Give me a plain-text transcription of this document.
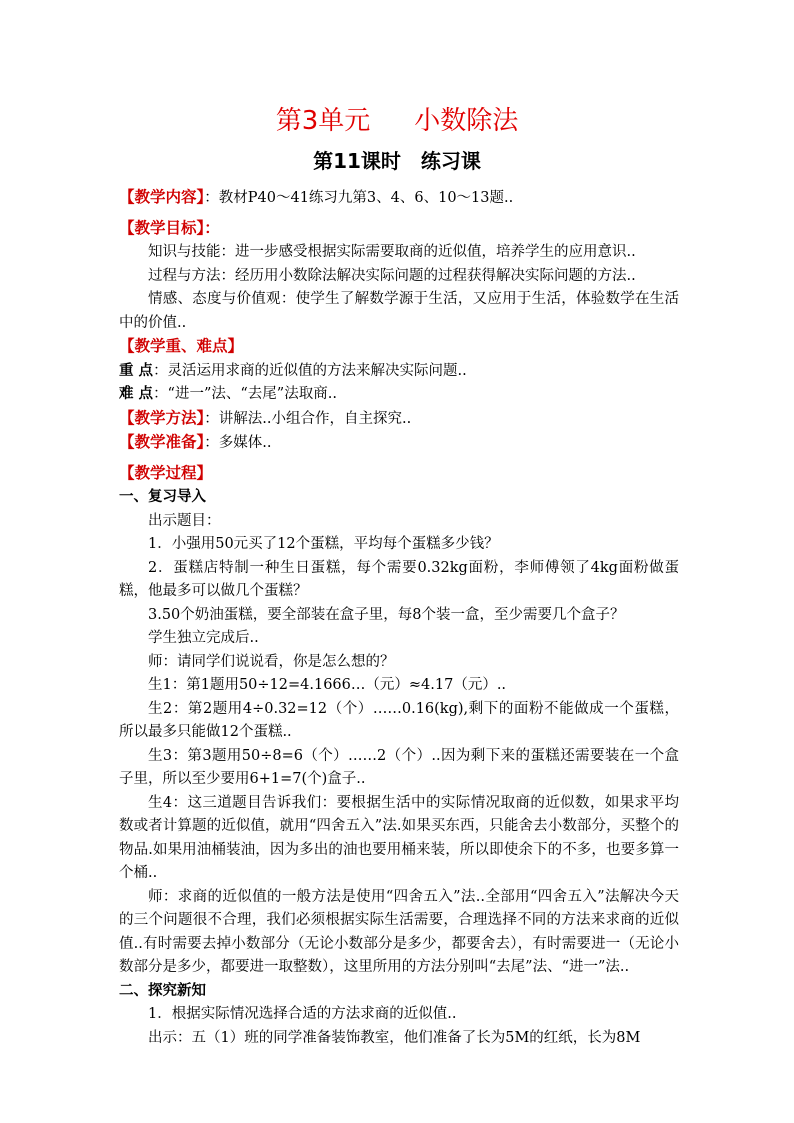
第3单元 小数除法
第11课时　练习课

【教学内容】：教材P40～41练习九第3、4、6、10～13题..

【教学目标】：

知识与技能：进一步感受根据实际需要取商的近似值，培养学生的应用意识..

过程与方法：经历用小数除法解决实际问题的过程获得解决实际问题的方法..

情感、态度与价值观：使学生了解数学源于生活，又应用于生活，体验数学在生活中的价值..

【教学重、难点】

重 点：灵活运用求商的近似值的方法来解决实际问题..

难 点：“进一”法、“去尾”法取商..

【教学方法】：讲解法..小组合作，自主探究..

【教学准备】：多媒体..

【教学过程】

一、复习导入

出示题目：

1．小强用50元买了12个蛋糕，平均每个蛋糕多少钱？

2．蛋糕店特制一种生日蛋糕，每个需要0.32kg面粉，李师傅领了4kg面粉做蛋糕，他最多可以做几个蛋糕？

3.50个奶油蛋糕，要全部装在盒子里，每8个装一盒，至少需要几个盒子？

学生独立完成后..

师：请同学们说说看，你是怎么想的？

生1：第1题用50÷12=4.1666…（元）≈4.17（元）..

生2：第2题用4÷0.32=12（个）……0.16(kg),剩下的面粉不能做成一个蛋糕，所以最多只能做12个蛋糕..

生3：第3题用50÷8=6（个）……2（个）..因为剩下来的蛋糕还需要装在一个盒子里，所以至少要用6+1=7(个)盒子..

生4：这三道题目告诉我们：要根据生活中的实际情况取商的近似数，如果求平均数或者计算题的近似值，就用“四舍五入”法.如果买东西，只能舍去小数部分，买整个的物品.如果用油桶装油，因为多出的油也要用桶来装，所以即使余下的不多，也要多算一个桶..

师：求商的近似值的一般方法是使用“四舍五入”法..全部用“四舍五入”法解决今天的三个问题很不合理，我们必须根据实际生活需要，合理选择不同的方法来求商的近似值..有时需要去掉小数部分（无论小数部分是多少，都要舍去），有时需要进一（无论小数部分是多少，都要进一取整数），这里所用的方法分别叫“去尾”法、“进一”法..

二、探究新知

1．根据实际情况选择合适的方法求商的近似值..

出示：五（1）班的同学准备装饰教室，他们准备了长为5M的红纸，长为8M
